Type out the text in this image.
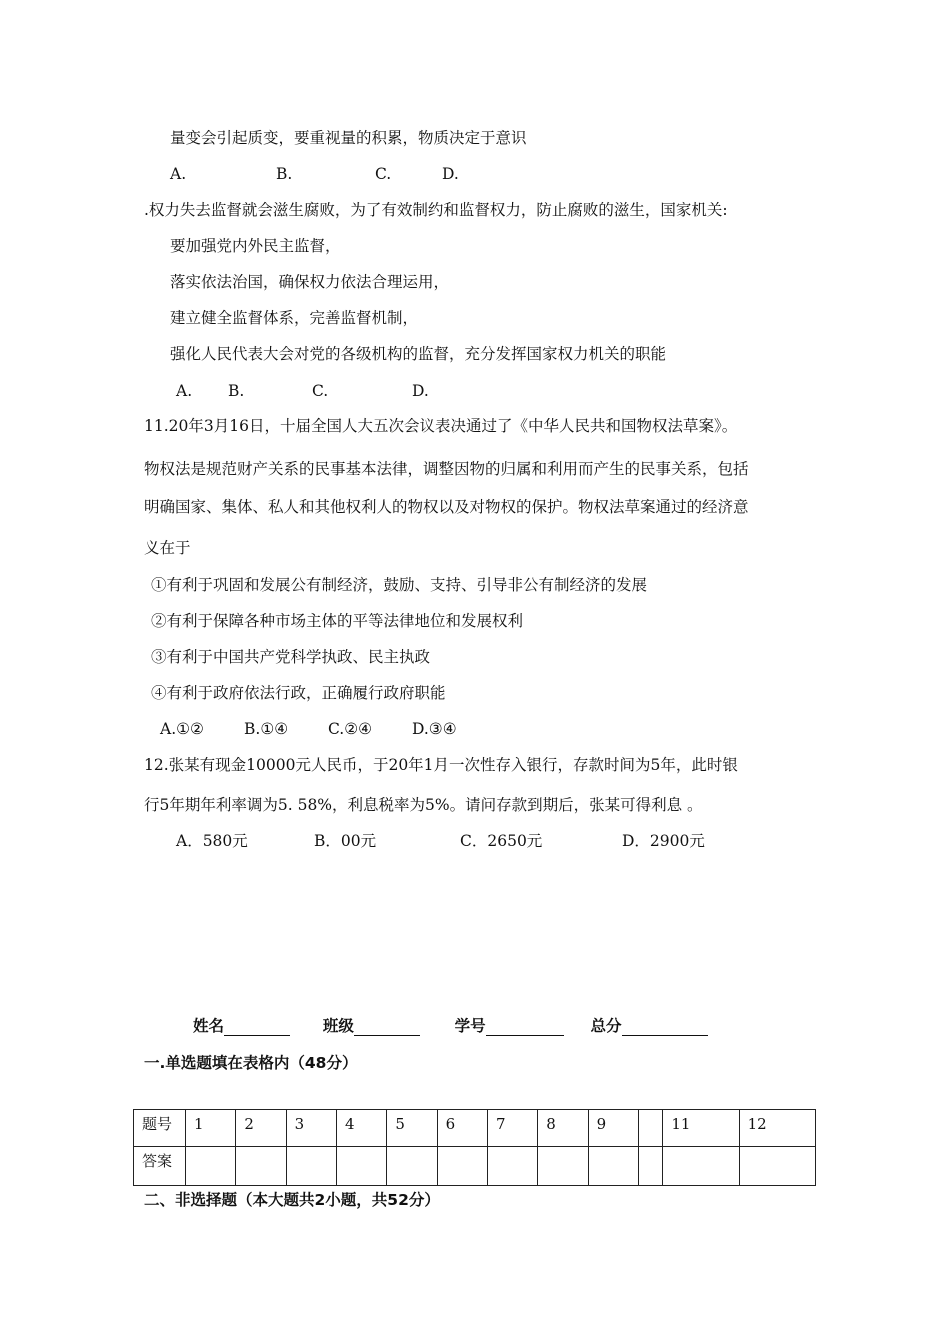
量变会引起质变，要重视量的积累，物质决定于意识
A.	B.	C.	D.
.权力失去监督就会滋生腐败，为了有效制约和监督权力，防止腐败的滋生，国家机关:
要加强党内外民主监督，
落实依法治国，确保权力依法合理运用，
建立健全监督体系，完善监督机制，
强化人民代表大会对党的各级机构的监督，充分发挥国家权力机关的职能
A. B.	C.	D.
11.20年3月16日，十届全国人大五次会议表决通过了《中华人民共和国物权法草案》。
物权法是规范财产关系的民事基本法律，调整因物的归属和利用而产生的民事关系，包括
明确国家、集体、私人和其他权利人的物权以及对物权的保护。物权法草案通过的经济意
义在于
①有利于巩固和发展公有制经济，鼓励、支持、引导非公有制经济的发展
②有利于保障各种市场主体的平等法律地位和发展权利
③有利于中国共产党科学执政、民主执政
④有利于政府依法行政，正确履行政府职能
A.①②	B.①④	C.②④	D.③④
12.张某有现金10000元人民币，于20年1月一次性存入银行，存款时间为5年，此时银
行5年期年利率调为5. 58%，利息税率为5%。请问存款到期后，张某可得利息 。
A．580元	B．00元	C．2650元	D．2900元
姓名	班级	学号	总分
一.单选题填在表格内（48分）
题号	1	2	3	4	5	6	7	8	9		11	12
答案												
二、非选择题（本大题共2小题，共52分）
